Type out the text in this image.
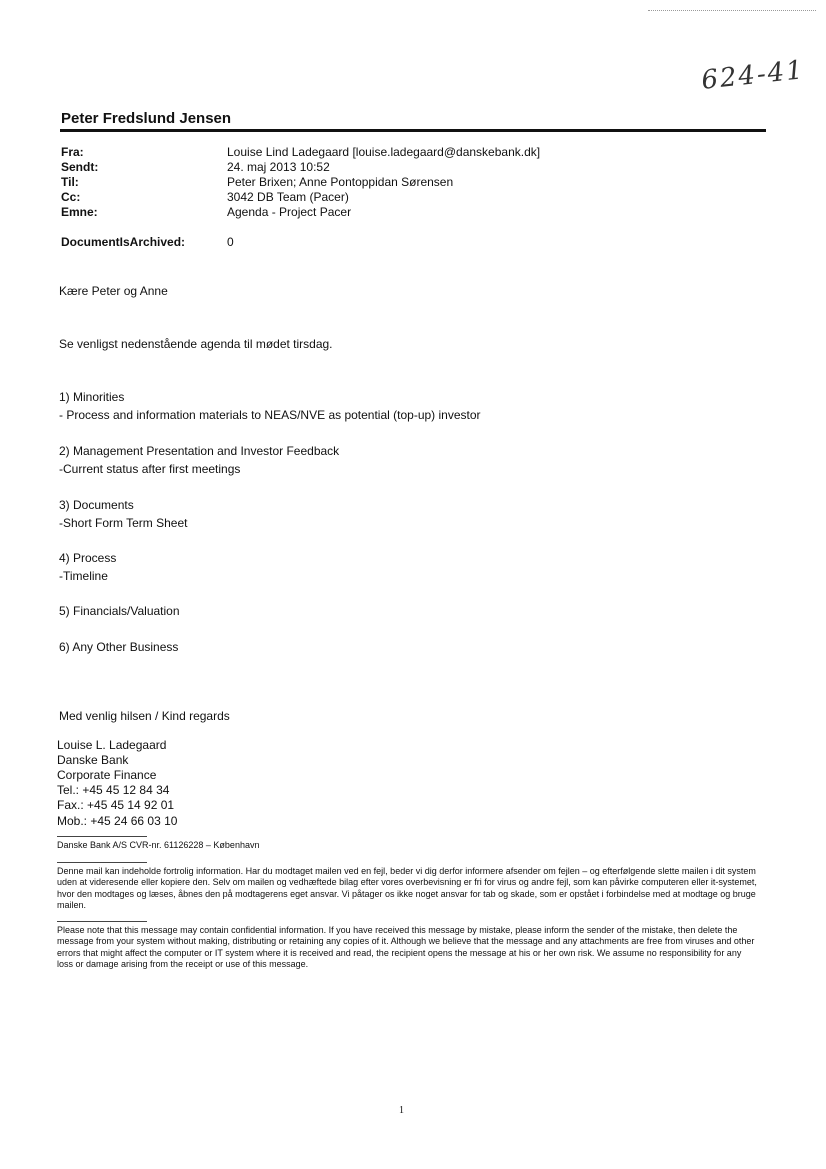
624-41
Peter Fredslund Jensen
Fra:	Louise Lind Ladegaard [louise.ladegaard@danskebank.dk]
Sendt:	24. maj 2013 10:52
Til:	Peter Brixen; Anne Pontoppidan Sørensen
Cc:	3042 DB Team (Pacer)
Emne:	Agenda - Project Pacer
DocumentIsArchived:	0
Kære Peter og Anne
Se venligst nedenstående agenda til mødet tirsdag.
1) Minorities
- Process and information materials to NEAS/NVE as potential (top-up) investor
2) Management Presentation and Investor Feedback
-Current status after first meetings
3) Documents
-Short Form Term Sheet
4) Process
-Timeline
5) Financials/Valuation
6) Any Other Business
Med venlig hilsen / Kind regards
Louise L. Ladegaard
Danske Bank
Corporate Finance
Tel.: +45 45 12 84 34
Fax.: +45 45 14 92 01
Mob.: +45 24 66 03 10
Danske Bank A/S CVR-nr. 61126228 – København
Denne mail kan indeholde fortrolig information. Har du modtaget mailen ved en fejl, beder vi dig derfor informere afsender om fejlen – og efterfølgende slette mailen i dit system uden at videresende eller kopiere den. Selv om mailen og vedhæftede bilag efter vores overbevisning er fri for virus og andre fejl, som kan påvirke computeren eller it-systemet, hvor den modtages og læses, åbnes den på modtagerens eget ansvar. Vi påtager os ikke noget ansvar for tab og skade, som er opstået i forbindelse med at modtage og bruge mailen.
Please note that this message may contain confidential information. If you have received this message by mistake, please inform the sender of the mistake, then delete the message from your system without making, distributing or retaining any copies of it. Although we believe that the message and any attachments are free from viruses and other errors that might affect the computer or IT system where it is received and read, the recipient opens the message at his or her own risk. We assume no responsibility for any loss or damage arising from the receipt or use of this message.
1
